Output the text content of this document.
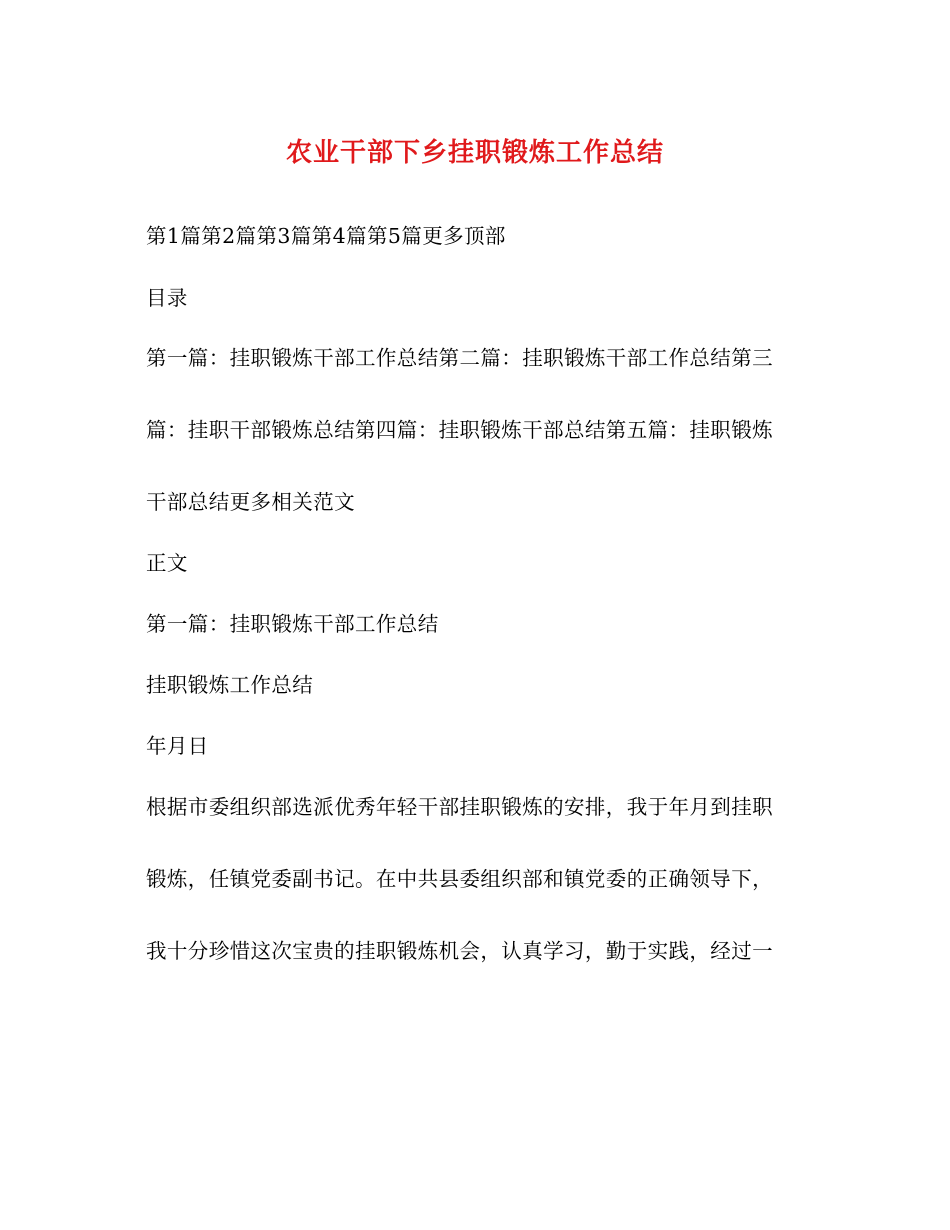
农业干部下乡挂职锻炼工作总结
第1篇第2篇第3篇第4篇第5篇更多顶部
目录
第一篇：挂职锻炼干部工作总结第二篇：挂职锻炼干部工作总结第三
篇：挂职干部锻炼总结第四篇：挂职锻炼干部总结第五篇：挂职锻炼
干部总结更多相关范文
正文
第一篇：挂职锻炼干部工作总结
挂职锻炼工作总结
年月日
根据市委组织部选派优秀年轻干部挂职锻炼的安排，我于年月到挂职
锻炼，任镇党委副书记。在中共县委组织部和镇党委的正确领导下，
我十分珍惜这次宝贵的挂职锻炼机会，认真学习，勤于实践，经过一
